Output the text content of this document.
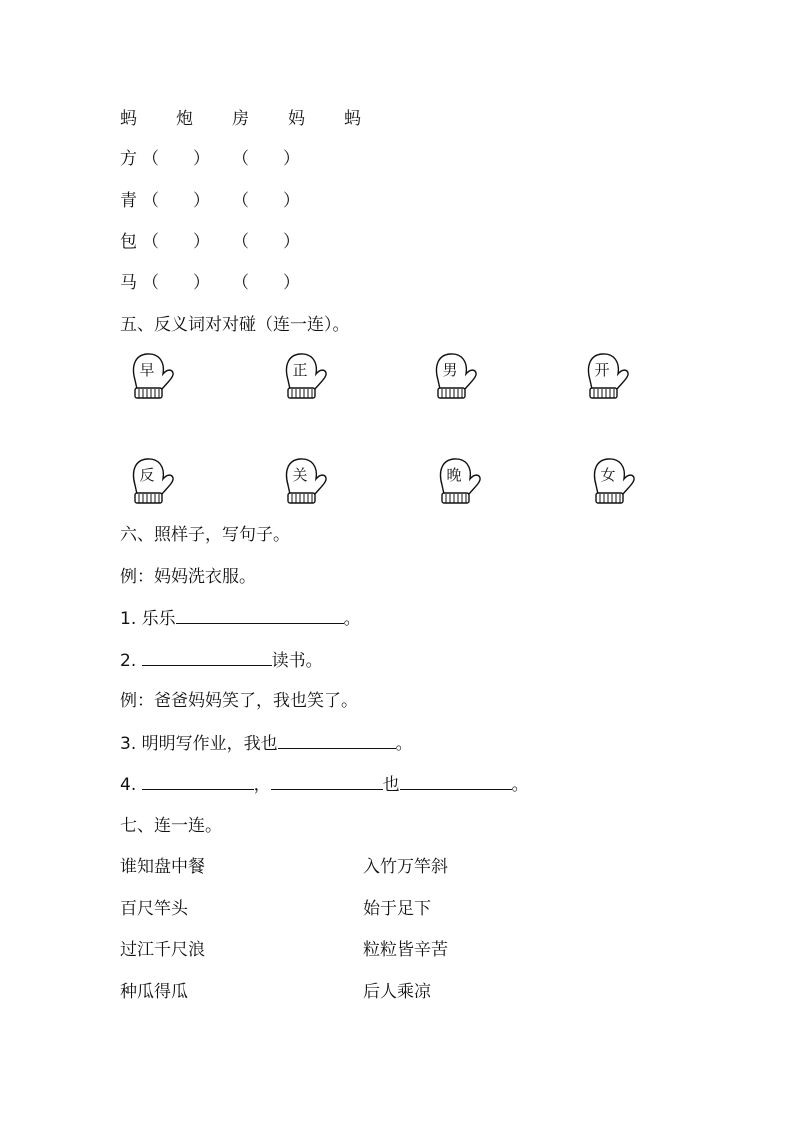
蚂 炮 房 妈 蚂
方 （　　） （　　）
青 （　　） （　　）
包 （　　） （　　）
马 （　　） （　　）
五、反义词对对碰（连一连）。
早	正	男	开
反	关	晚	女
六、照样子，写句子。
例：妈妈洗衣服。
1. 乐乐	。
2.	读书。
例：爸爸妈妈笑了，我也笑了。
3. 明明写作业，我也	。
4.	，	也	。
七、连一连。
谁知盘中餐	入竹万竿斜
百尺竿头	始于足下
过江千尺浪	粒粒皆辛苦
种瓜得瓜	后人乘凉
